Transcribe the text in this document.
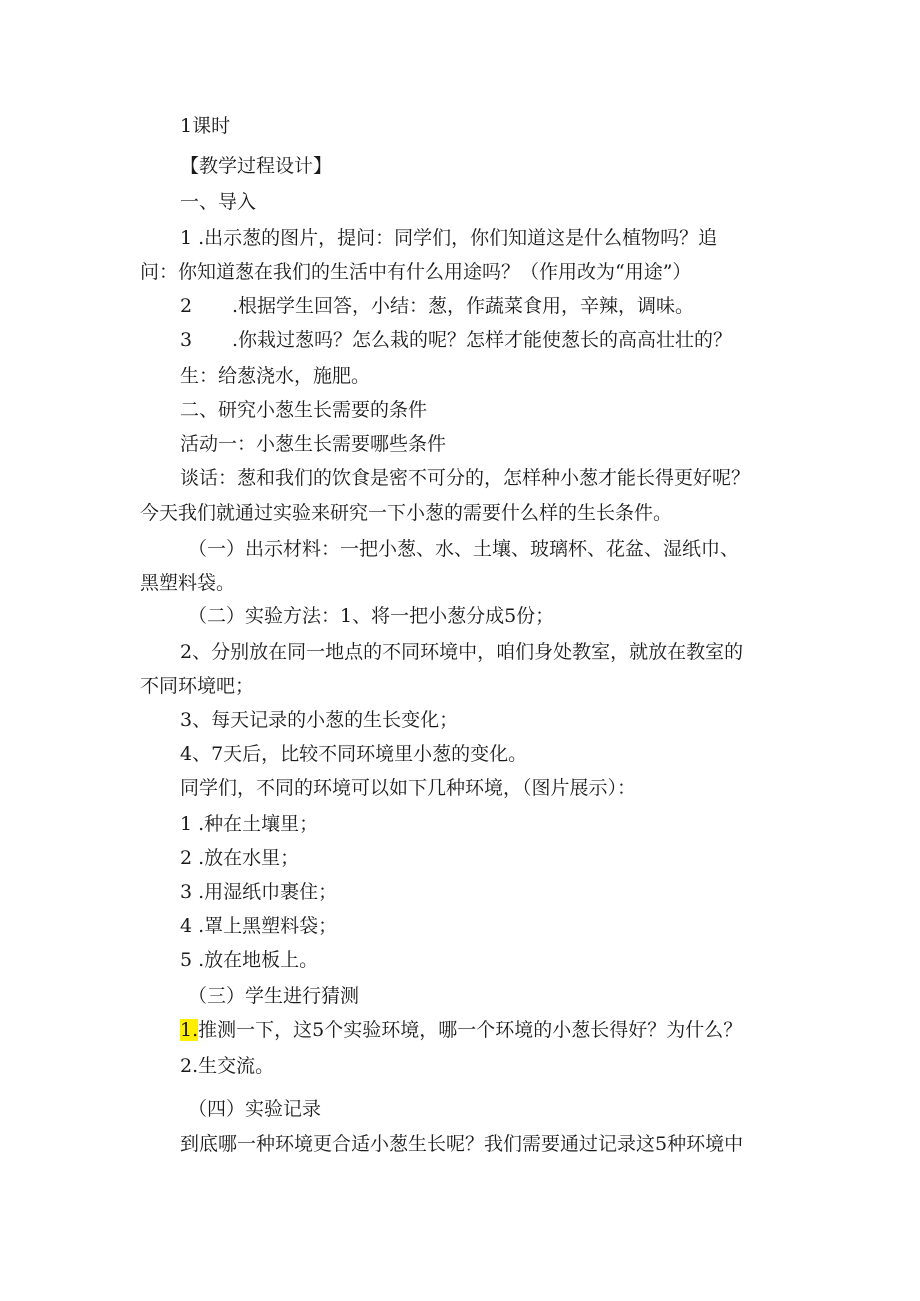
1课时
【教学过程设计】
一、导入
1 .出示葱的图片，提问：同学们，你们知道这是什么植物吗？追
问：你知道葱在我们的生活中有什么用途吗？（作用改为“用途”）
2 .根据学生回答，小结：葱，作蔬菜食用，辛辣，调味。
3 .你栽过葱吗？怎么栽的呢？怎样才能使葱长的高高壮壮的？
生：给葱浇水，施肥。
二、研究小葱生长需要的条件
活动一：小葱生长需要哪些条件
谈话：葱和我们的饮食是密不可分的，怎样种小葱才能长得更好呢？
今天我们就通过实验来研究一下小葱的需要什么样的生长条件。
（一）出示材料：一把小葱、水、土壤、玻璃杯、花盆、湿纸巾、
黑塑料袋。
（二）实验方法：1、将一把小葱分成5份；
2、分别放在同一地点的不同环境中，咱们身处教室，就放在教室的
不同环境吧；
3、每天记录的小葱的生长变化；
4、7天后，比较不同环境里小葱的变化。
同学们，不同的环境可以如下几种环境，（图片展示）：
1 .种在土壤里；
2 .放在水里；
3 .用湿纸巾裹住；
4 .罩上黑塑料袋；
5 .放在地板上。
（三）学生进行猜测
1.推测一下，这5个实验环境，哪一个环境的小葱长得好？为什么？
2.生交流。
（四）实验记录
到底哪一种环境更合适小葱生长呢？我们需要通过记录这5种环境中
